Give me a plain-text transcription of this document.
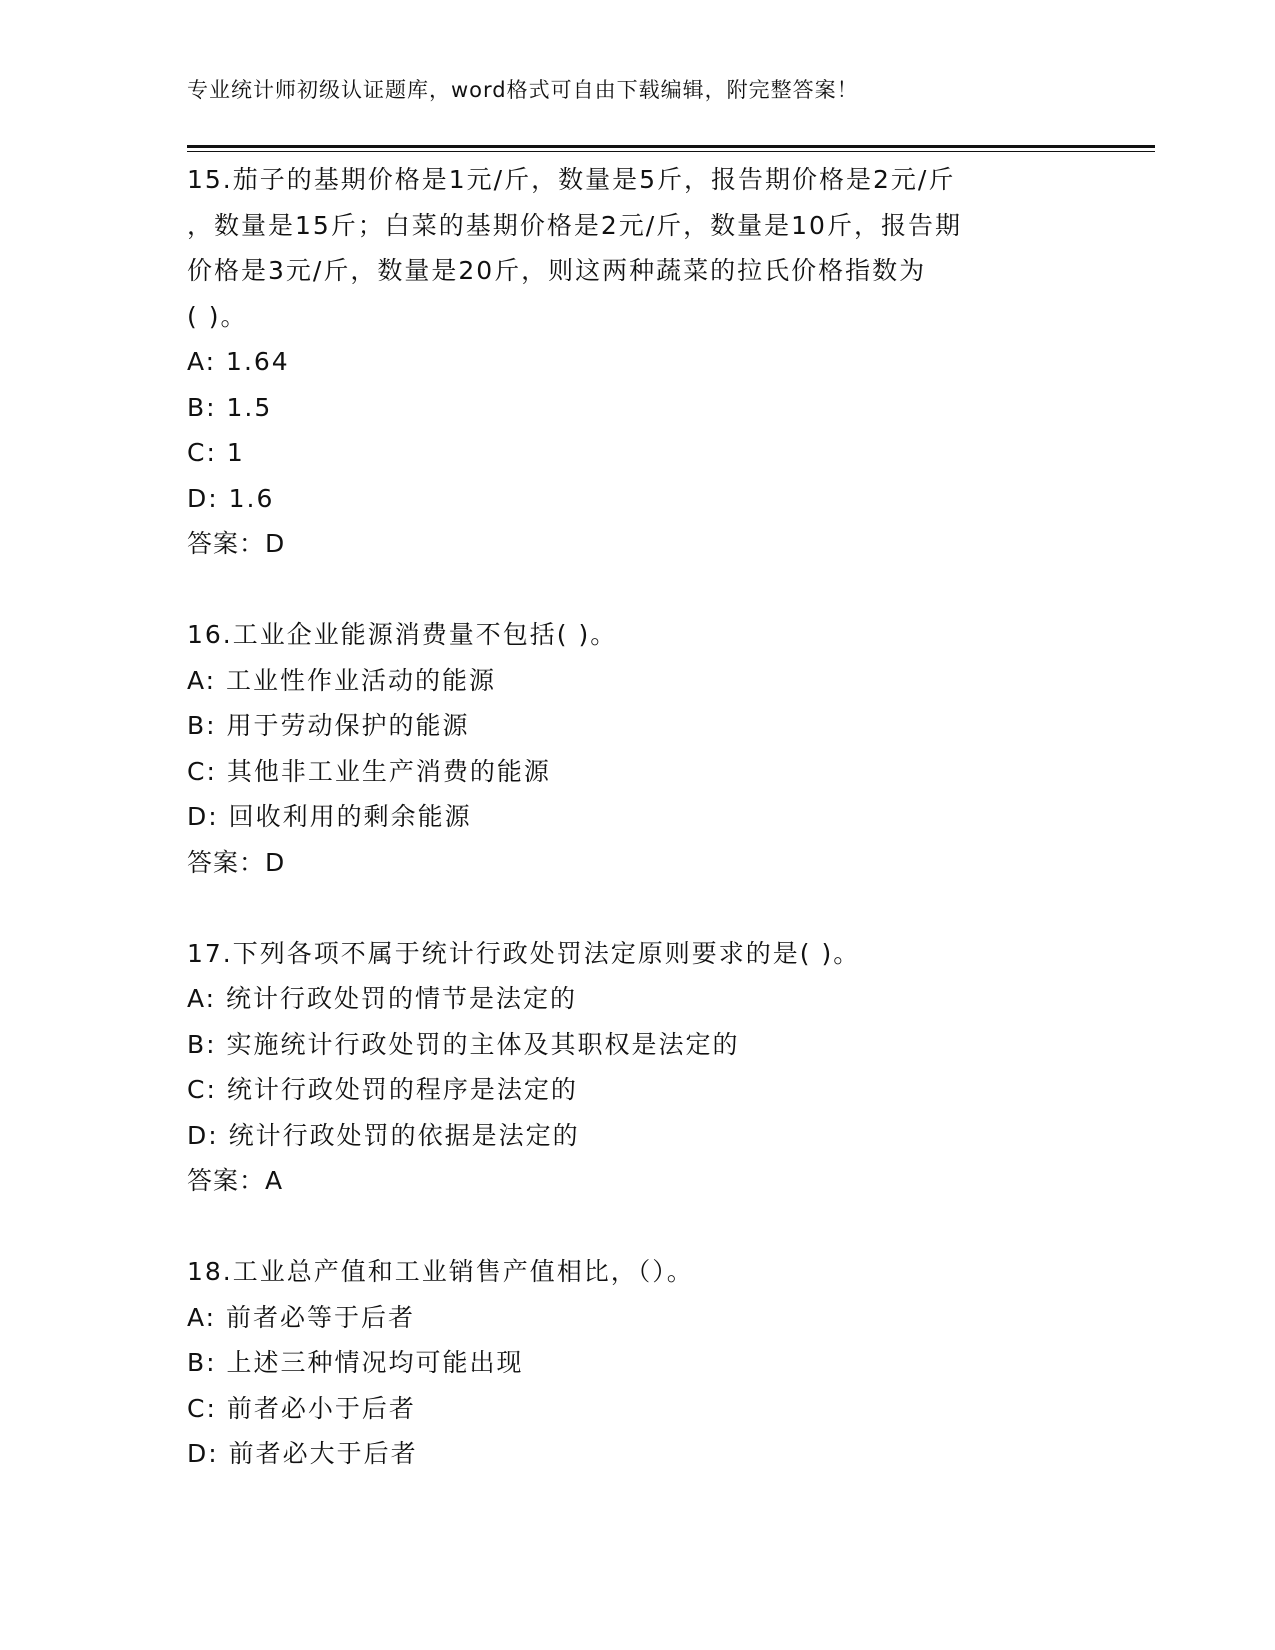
专业统计师初级认证题库，word格式可自由下载编辑，附完整答案！
15.茄子的基期价格是1元/斤，数量是5斤，报告期价格是2元/斤
，数量是15斤；白菜的基期价格是2元/斤，数量是10斤，报告期
价格是3元/斤，数量是20斤，则这两种蔬菜的拉氏价格指数为
( )。
A: 1.64
B: 1.5
C: 1
D: 1.6
答案：D
16.工业企业能源消费量不包括( )。
A: 工业性作业活动的能源
B: 用于劳动保护的能源
C: 其他非工业生产消费的能源
D: 回收利用的剩余能源
答案：D
17.下列各项不属于统计行政处罚法定原则要求的是( )。
A: 统计行政处罚的情节是法定的
B: 实施统计行政处罚的主体及其职权是法定的
C: 统计行政处罚的程序是法定的
D: 统计行政处罚的依据是法定的
答案：A
18.工业总产值和工业销售产值相比，（）。
A: 前者必等于后者
B: 上述三种情况均可能出现
C: 前者必小于后者
D: 前者必大于后者
